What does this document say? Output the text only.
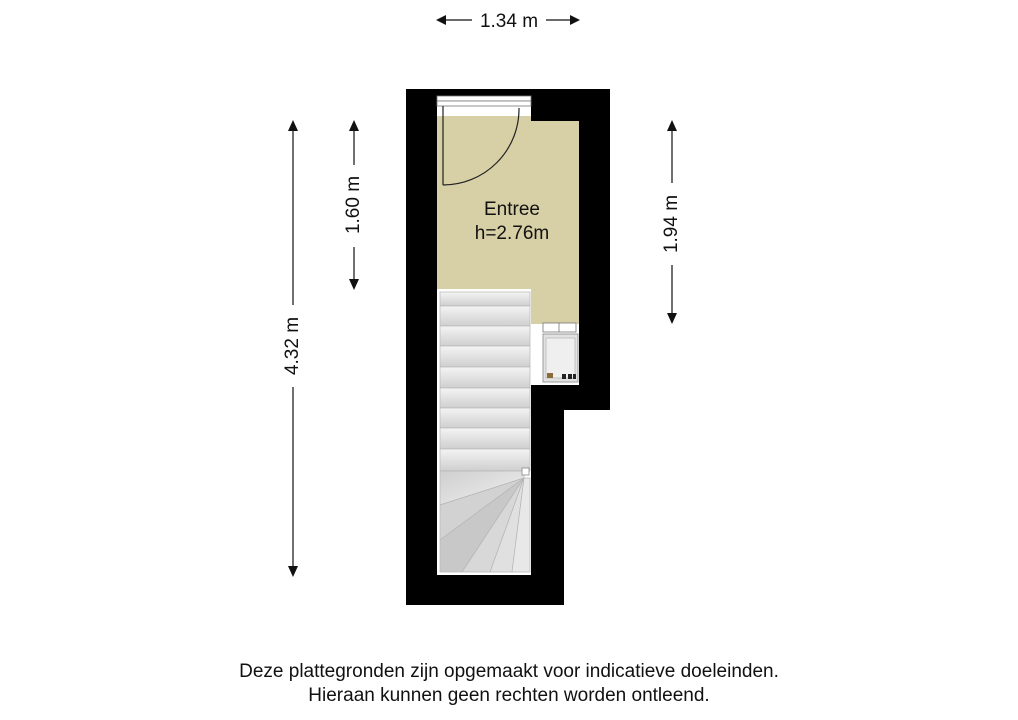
Entree
h=2.76m
1.34 m
4.32 m
1.60 m	1.94 m
Deze plattegronden zijn opgemaakt voor indicatieve doeleinden.
Hieraan kunnen geen rechten worden ontleend.
